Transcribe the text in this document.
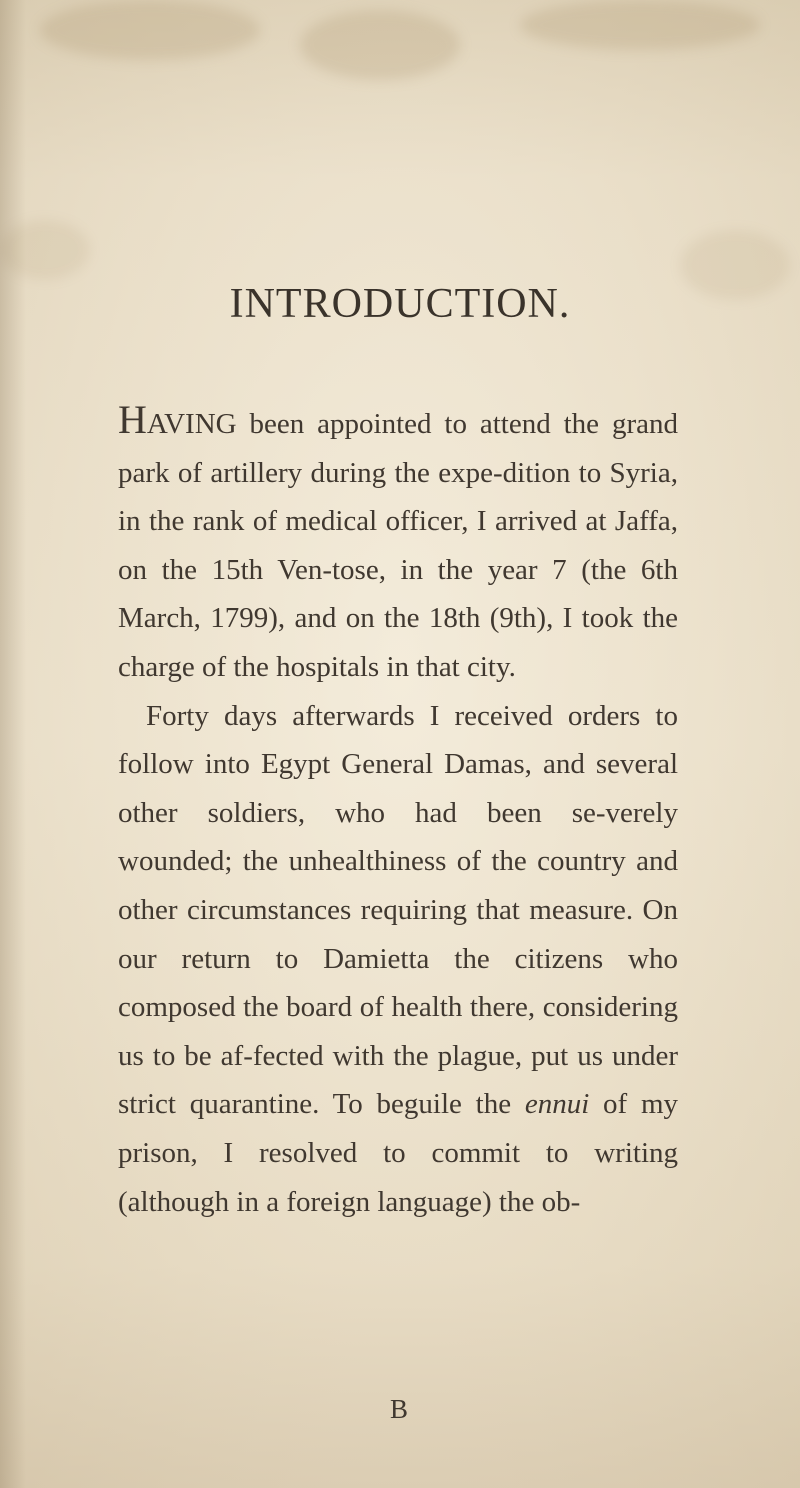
INTRODUCTION.

HAVING been appointed to attend the grand park of artillery during the expe-dition to Syria, in the rank of medical officer, I arrived at Jaffa, on the 15th Ven-tose, in the year 7 (the 6th March, 1799), and on the 18th (9th), I took the charge of the hospitals in that city.

Forty days afterwards I received orders to follow into Egypt General Damas, and several other soldiers, who had been se-verely wounded; the unhealthiness of the country and other circumstances requiring that measure. On our return to Damietta the citizens who composed the board of health there, considering us to be af-fected with the plague, put us under strict quarantine. To beguile the ennui of my prison, I resolved to commit to writing (although in a foreign language) the ob-

B
